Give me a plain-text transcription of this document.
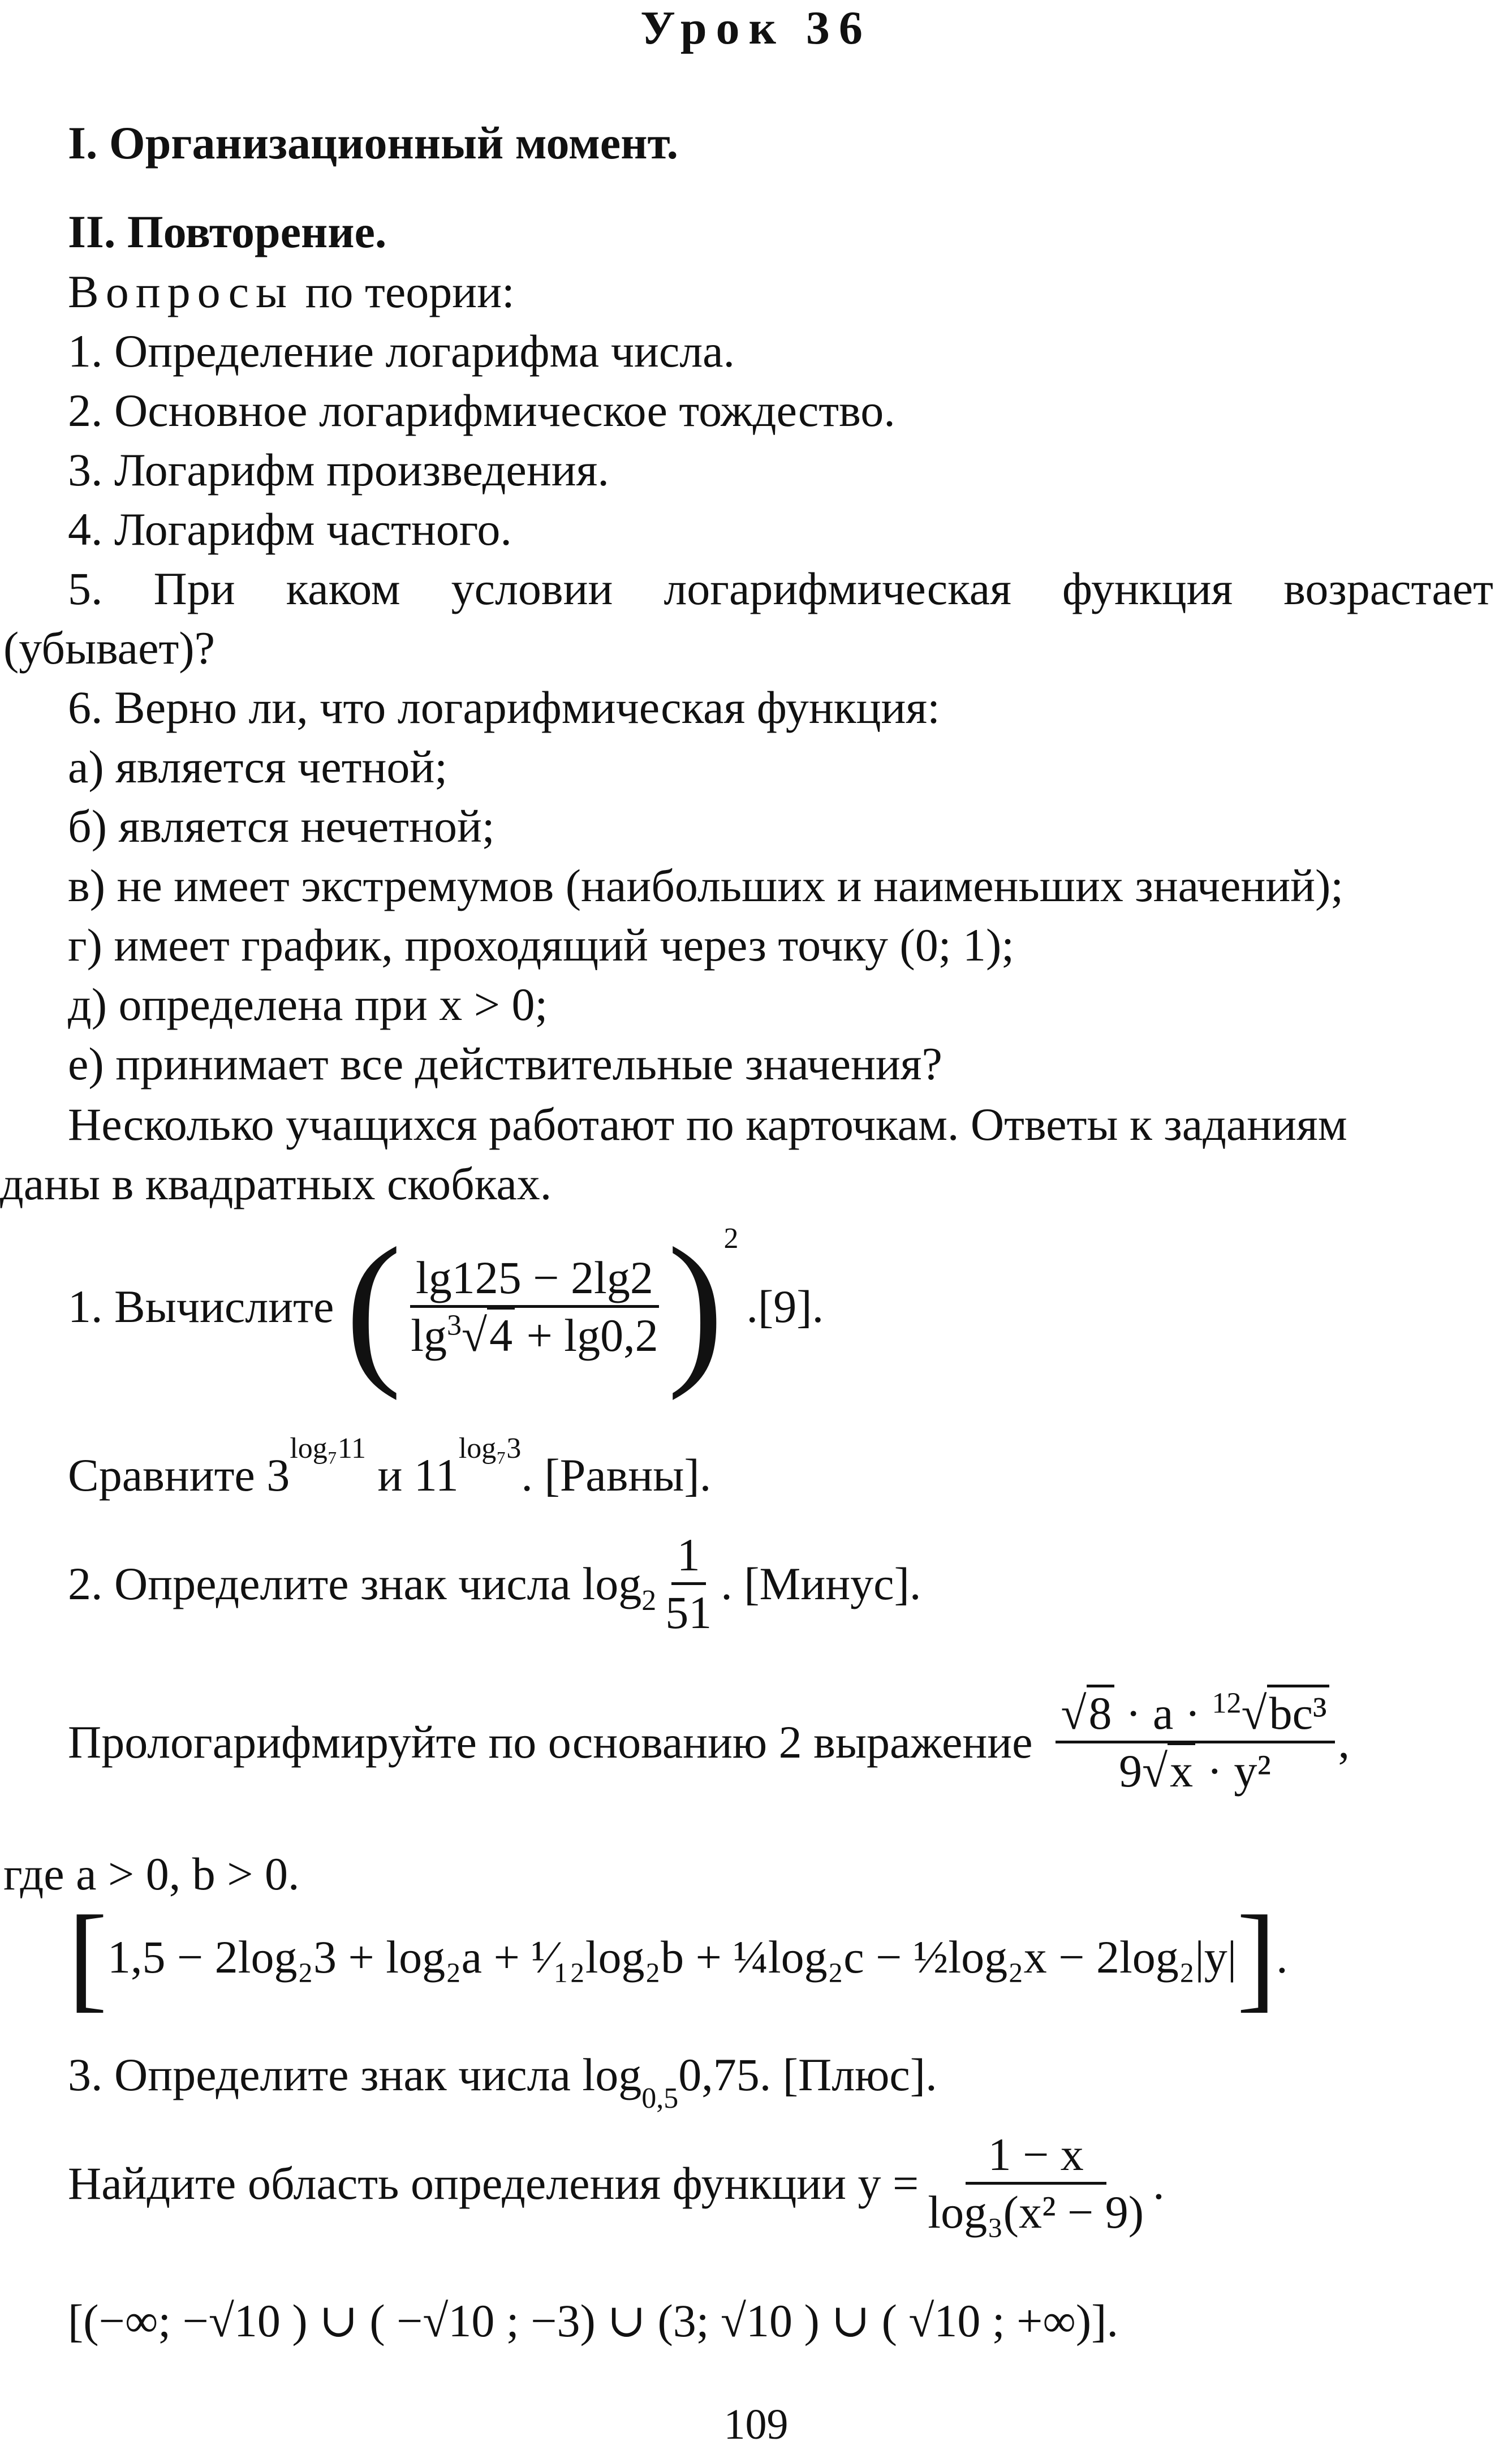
Урок 36
I. Организационный момент.
II. Повторение.
Вопросы по теории:
1. Определение логарифма числа.
2. Основное логарифмическое тождество.
3. Логарифм произведения.
4. Логарифм частного.
5. При каком условии логарифмическая функция возрастает
(убывает)?
6. Верно ли, что логарифмическая функция:
а) является четной;
б) является нечетной;
в) не имеет экстремумов (наибольших и наименьших значений);
г) имеет график, проходящий через точку (0; 1);
д) определена при x > 0;
е) принимает все действительные значения?
Несколько учащихся работают по карточкам. Ответы к заданиям
даны в квадратных скобках.
1. Вычислите ( $\frac{\lg 125 - 2\lg 2}{\lg^3√4 + \lg 0,2} )^2$
.[9].
Сравните $3^{log_711}$ и $11^{log_73}$. [Равны].
2. Определите знак числа $\log_2 \frac{1}{51}$ . [Минус].
Прологарифмируйте по основанию 2 выражение $\frac{√8 \cdot a \cdot ^{12}√bc^3}{\text{9√x · y²}}$ ,
где a > 0, b > 0.
[ 1,5 − 2log₂3 + log₂a + ¹⁄₁₂log₂b + ¼log₂c − ½log₂x − 2log₂|y| ] .
3. Определите знак числа $\log_{0,5}0,75$. [Плюс].
Найдите область определения функции $y = \frac{1 - x}{\text{log₃(x² − 9)}}$ .
[(−∞; −√10 ) ∪ ( −√10 ; −3) ∪ (3; √10 ) ∪ ( √10 ; +∞)].
109
